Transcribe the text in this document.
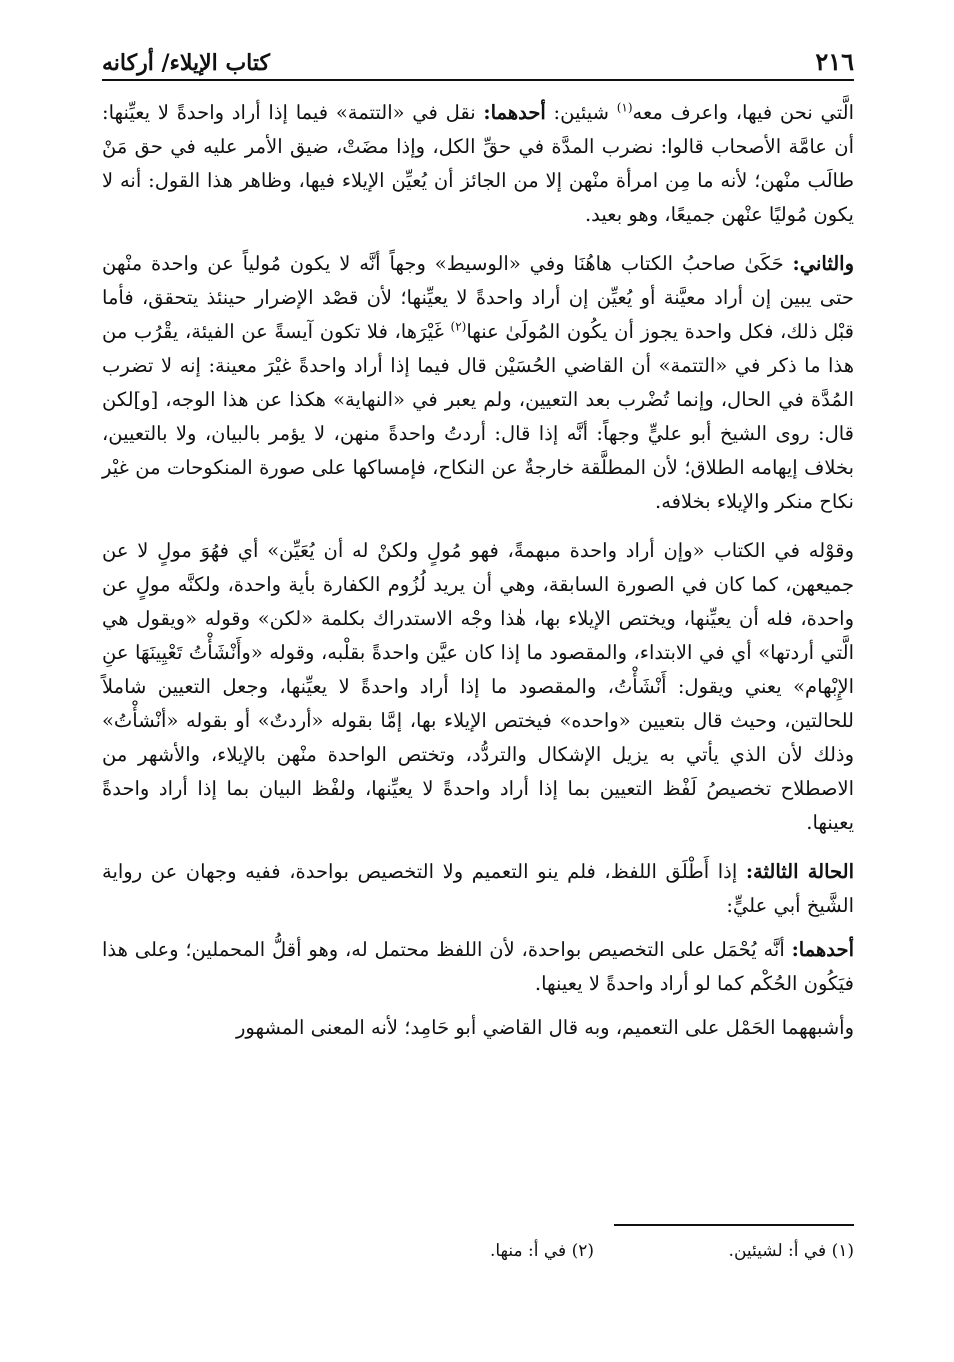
٢١٦
كتاب الإيلاء/ أركانه

الَّتي نحن فيها، واعرف معه$^{(١)}$ شيئين: أحدهما: نقل في «التتمة» فيما إذا أراد واحدةً لا يعيِّنها: أن عامَّة الأصحاب قالوا: نضرب المدَّة في حقِّ الكل، وإذا مضَتْ، ضيق الأمر عليه في حق مَنْ طالَب منْهن؛ لأنه ما مِن امرأة منْهن إلا من الجائز أن يُعيِّن الإيلاء فيها، وظاهر هذا القول: أنه لا يكون مُوليًا عنْهن جميعًا، وهو بعيد.

والثاني: حَكَىٰ صاحبُ الكتاب هاهُنَا وفي «الوسيط» وجهاً أنَّه لا يكون مُولياً عن واحدة منْهن حتى يبين إن أراد معيَّنة أو يُعيِّن إن أراد واحدةً لا يعيِّنها؛ لأن قصْد الإضرار حينئذ يتحقق، فأما قبْل ذلك، فكل واحدة يجوز أن يكُون المُولَىٰ عنها$^{(٢)}$ غَيْرَها، فلا تكون آيسةً عن الفيئة، يقْرُب من هذا ما ذكر في «التتمة» أن القاضي الحُسَيْن قال فيما إذا أراد واحدةً غيْرَ معينة: إنه لا تضرب المُدَّة في الحال، وإنما تُضْرب بعد التعيين، ولم يعبر في «النهاية» هكذا عن هذا الوجه، [و]لكن قال: روى الشيخ أبو عليٍّ وجهاً: أنَّه إذا قال: أردتُ واحدةً منهن، لا يؤمر بالبيان، ولا بالتعيين، بخلاف إيهامه الطلاق؛ لأن المطلَّقة خارجةٌ عن النكاح، فإمساكها على صورة المنكوحات من غيْر نكاح منكر والإيلاء بخلافه.

وقوْله في الكتاب «وإن أراد واحدة مبهمةً، فهو مُولٍ ولكنْ له أن يُعَيِّن» أي فهُوَ مولٍ لا عن جميعهن، كما كان في الصورة السابقة، وهي أن يريد لُزُوم الكفارة بأية واحدة، ولكنَّه مولٍ عن واحدة، فله أن يعيِّنها، ويختص الإيلاء بها، هٰذا وجْه الاستدراك بكلمة «لكن» وقوله «ويقول هي الَّتي أردتها» أي في الابتداء، والمقصود ما إذا كان عيَّن واحدةً بقلْبه، وقوله «وأَنْشَأْتُ تَعْيِينَهَا عنِ الإِبْهام» يعني ويقول: أَنْشَأْتُ، والمقصود ما إذا أراد واحدةً لا يعيِّنها، وجعل التعيين شاملاً للحالتين، وحيث قال بتعيين «واحده» فيختص الإيلاء بها، إمَّا بقوله «أردتٌ» أو بقوله «أنْشأْتُ» وذلك لأن الذي يأتي به يزيل الإشكال والتردُّد، وتختص الواحدة منْهن بالإيلاء، والأشهر من الاصطلاح تخصيصُ لَفْظ التعيين بما إذا أراد واحدةً لا يعيِّنها، ولفْظ البيان بما إذا أراد واحدةً يعينها.

الحالة الثالثة: إذا أَطْلَق اللفظ، فلم ينو التعميم ولا التخصيص بواحدة، ففيه وجهان عن رواية الشَّيخ أبي عليٍّ:

أحدهما: أنَّه يُحْمَل على التخصيص بواحدة، لأن اللفظ محتمل له، وهو أقلُّ المحملين؛ وعلى هذا فيَكُون الحُكْم كما لو أراد واحدةً لا يعينها.

وأشبههما الحَمْل على التعميم، وبه قال القاضي أبو حَامِد؛ لأنه المعنى المشهور

(١) في أ: لشيئين.
(٢) في أ: منها.
